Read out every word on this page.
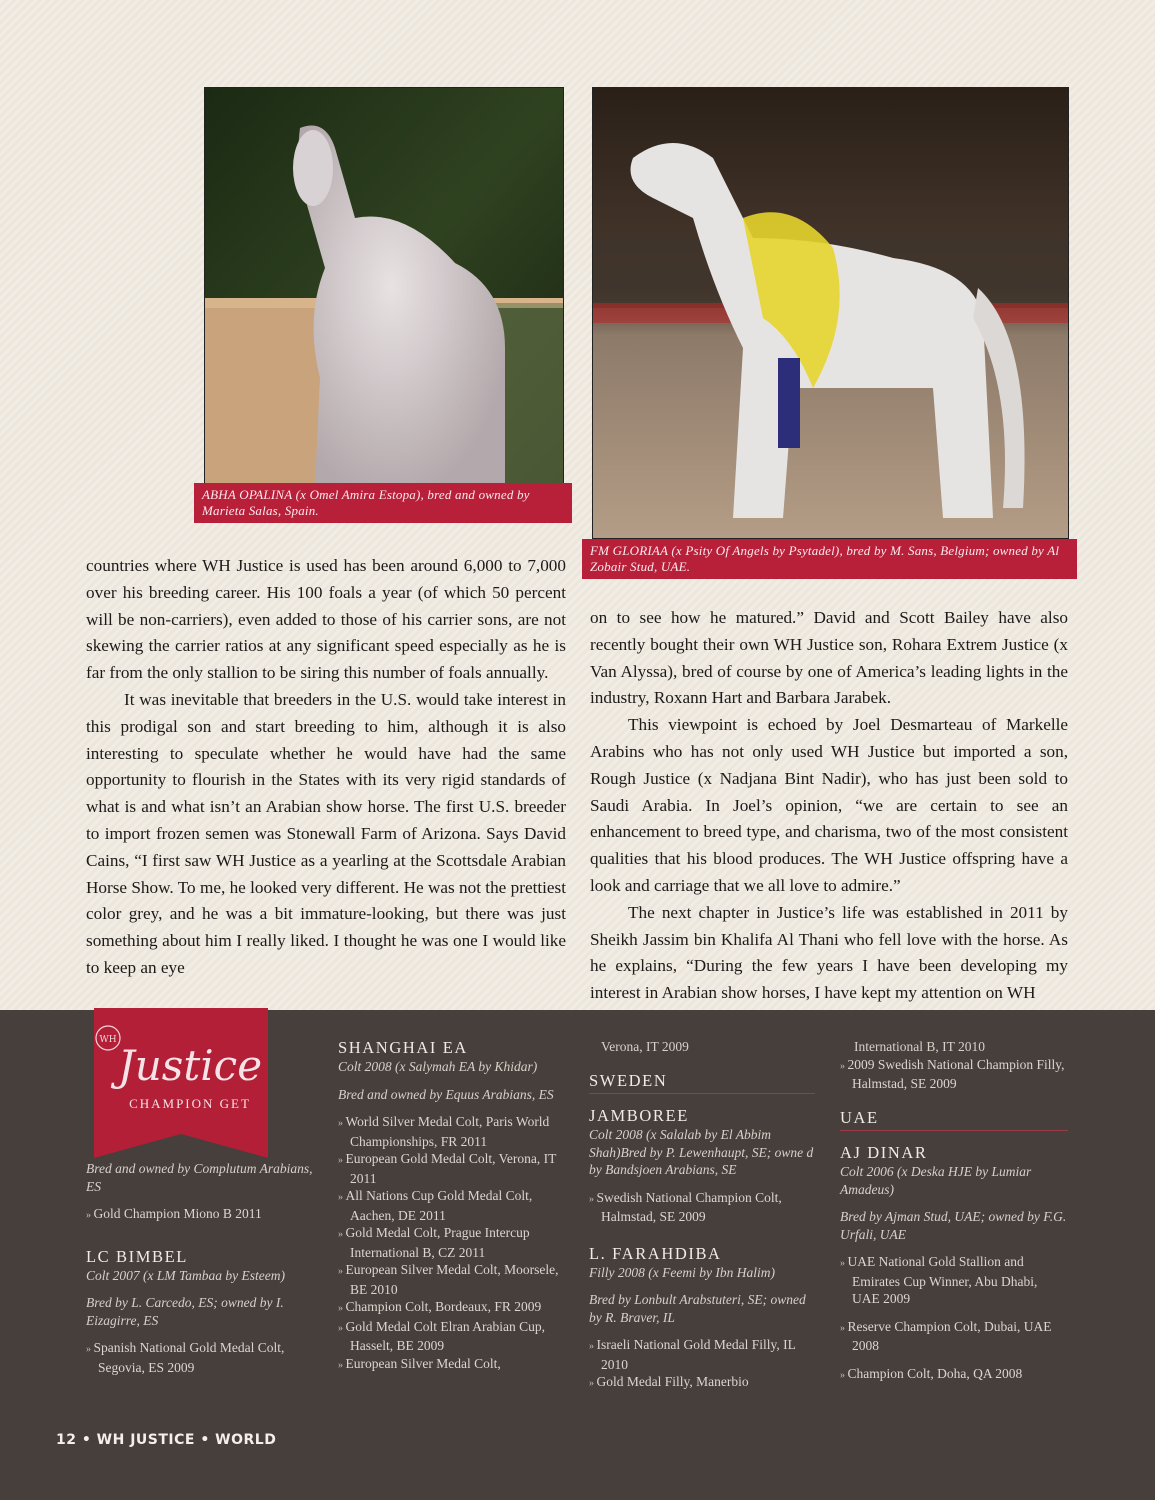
ABHA OPALINA (x Omel Amira Estopa), bred and owned by Marieta Salas, Spain.
FM GLORIAA (x Psity Of Angels by Psytadel), bred by M. Sans, Belgium; owned by Al Zobair Stud, UAE.

countries where WH Justice is used has been around 6,000 to 7,000 over his breeding career. His 100 foals a year (of which 50 percent will be non-carriers), even added to those of his carrier sons, are not skewing the carrier ratios at any significant speed especially as he is far from the only stallion to be siring this number of foals annually.

It was inevitable that breeders in the U.S. would take interest in this prodigal son and start breeding to him, although it is also interesting to speculate whether he would have had the same opportunity to flourish in the States with its very rigid standards of what is and what isn’t an Arabian show horse. The first U.S. breeder to import frozen semen was Stonewall Farm of Arizona. Says David Cains, “I first saw WH Justice as a yearling at the Scottsdale Arabian Horse Show. To me, he looked very different. He was not the prettiest color grey, and he was a bit immature-looking, but there was just something about him I really liked. I thought he was one I would like to keep an eye

on to see how he matured.” David and Scott Bailey have also recently bought their own WH Justice son, Rohara Extrem Justice (x Van Alyssa), bred of course by one of America’s leading lights in the industry, Roxann Hart and Barbara Jarabek.

This viewpoint is echoed by Joel Desmarteau of Markelle Arabins who has not only used WH Justice but imported a son, Rough Justice (x Nadjana Bint Nadir), who has just been sold to Saudi Arabia. In Joel’s opinion, “we are certain to see an enhancement to breed type, and charisma, two of the most consistent qualities that his blood produces. The WH Justice offspring have a look and carriage that we all love to admire.”

The next chapter in Justice’s life was established in 2011 by Sheikh Jassim bin Khalifa Al Thani who fell love with the horse. As he explains, “During the few years I have been developing my interest in Arabian show horses, I have kept my attention on WH

WH
Justice
CHAMPION GET

Bred and owned by Complutum Arabians, ES

» Gold Champion Miono B 2011

LC BIMBEL

Colt 2007 (x LM Tambaa by Esteem)

Bred by L. Carcedo, ES; owned by I. Eizagirre, ES

» Spanish National Gold Medal Colt, Segovia, ES 2009

SHANGHAI EA

Colt 2008 (x Salymah EA by Khidar)

Bred and owned by Equus Arabians, ES

» World Silver Medal Colt, Paris World Championships, FR 2011

» European Gold Medal Colt, Verona, IT 2011

» All Nations Cup Gold Medal Colt, Aachen, DE 2011

» Gold Medal Colt, Prague Intercup International B, CZ 2011

» European Silver Medal Colt, Moorsele, BE 2010

» Champion Colt, Bordeaux, FR 2009

» Gold Medal Colt Elran Arabian Cup, Hasselt, BE 2009

» European Silver Medal Colt,

Verona, IT 2009

SWEDEN

JAMBOREE

Colt 2008 (x Salalab by El Abbim Shah)Bred by P. Lewenhaupt, SE; owne d by Bandsjoen Arabians, SE

» Swedish National Champion Colt, Halmstad, SE 2009

L. FARAHDIBA

Filly 2008 (x Feemi by Ibn Halim)

Bred by Lonbult Arabstuteri, SE; owned by R. Braver, IL

» Israeli National Gold Medal Filly, IL 2010

» Gold Medal Filly, Manerbio

International B, IT 2010

» 2009 Swedish National Champion Filly, Halmstad, SE 2009

UAE

AJ DINAR

Colt 2006 (x Deska HJE by Lumiar Amadeus)

Bred by Ajman Stud, UAE; owned by F.G. Urfali, UAE

» UAE National Gold Stallion and Emirates Cup Winner, Abu Dhabi, UAE 2009

» Reserve Champion Colt, Dubai, UAE 2008

» Champion Colt, Doha, QA 2008

12 • WH JUSTICE • WORLD
